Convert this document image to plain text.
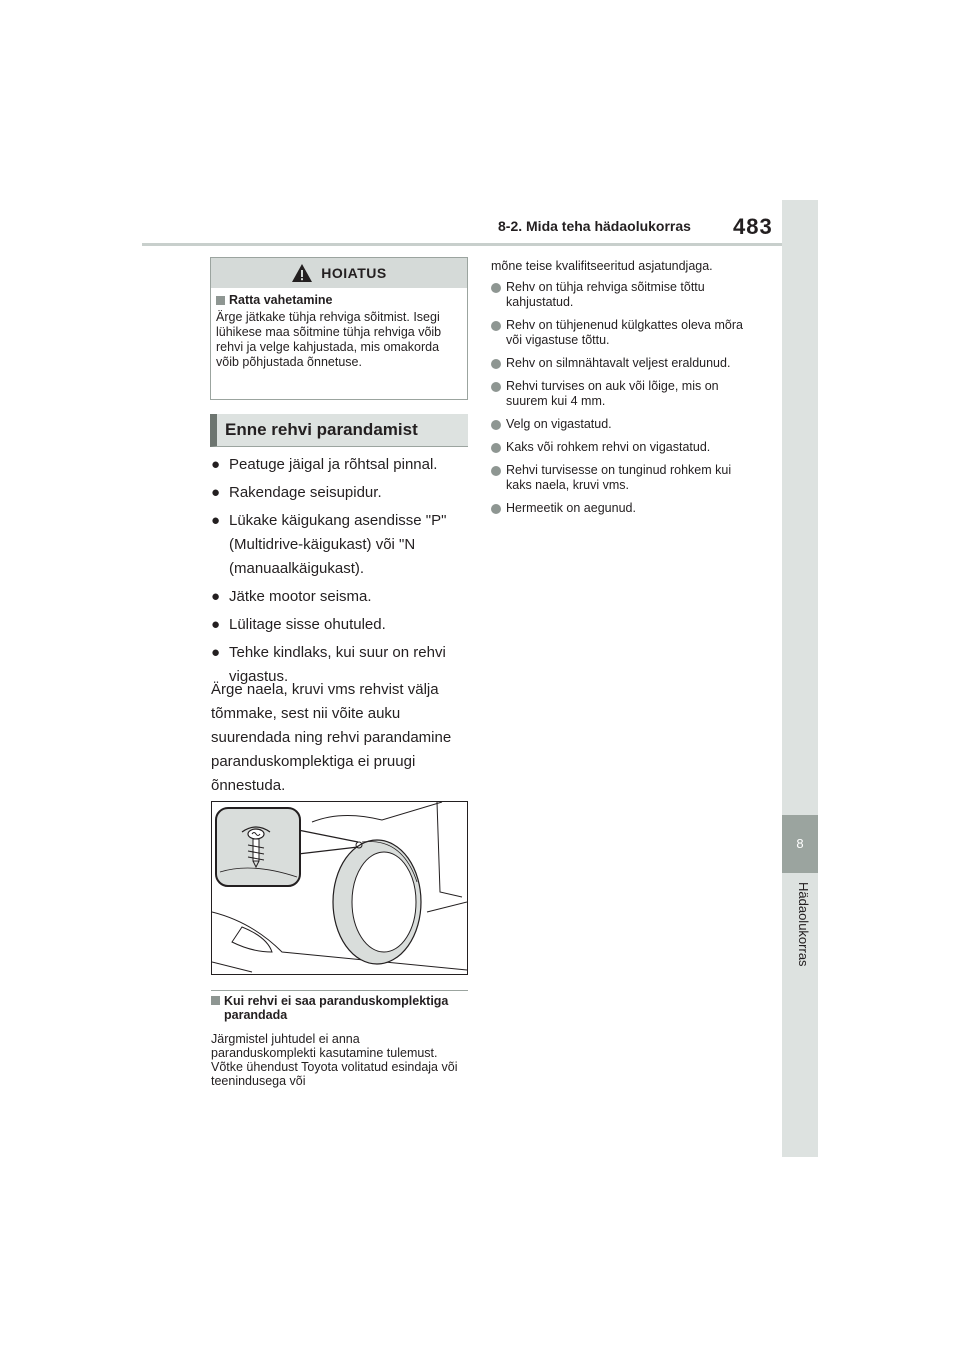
8-2. Mida teha hädaolukorras 483
8
Hädaolukorras
HOIATUS
Ratta vahetamine
Ärge jätkake tühja rehviga sõitmist. Isegi lühikese maa sõitmine tühja rehviga võib rehvi ja velge kahjustada, mis omakorda võib põhjustada õnnetuse.
Enne rehvi parandamist
● Peatuge jäigal ja rõhtsal pinnal.
● Rakendage seisupidur.
● Lükake käigukang asendisse "P" (Multidrive-käigukast) või "N (manuaalkäigukast).
● Jätke mootor seisma.
● Lülitage sisse ohutuled.
● Tehke kindlaks, kui suur on rehvi vigastus.
Ärge naela, kruvi vms rehvist välja tõmmake, sest nii võite auku suurendada ning rehvi parandamine paranduskomplektiga ei pruugi õnnestuda.
Kui rehvi ei saa paranduskomplektiga parandada
Järgmistel juhtudel ei anna paranduskomplekti kasutamine tulemust. Võtke ühendust Toyota volitatud esindaja või teenindusega või
mõne teise kvalifitseeritud asjatundjaga.
Rehv on tühja rehviga sõitmise tõttu kahjustatud.
Rehv on tühjenenud külgkattes oleva mõra või vigastuse tõttu.
Rehv on silmnähtavalt veljest eraldunud.
Rehvi turvises on auk või lõige, mis on suurem kui 4 mm.
Velg on vigastatud.
Kaks või rohkem rehvi on vigastatud.
Rehvi turvisesse on tunginud rohkem kui kaks naela, kruvi vms.
Hermeetik on aegunud.
